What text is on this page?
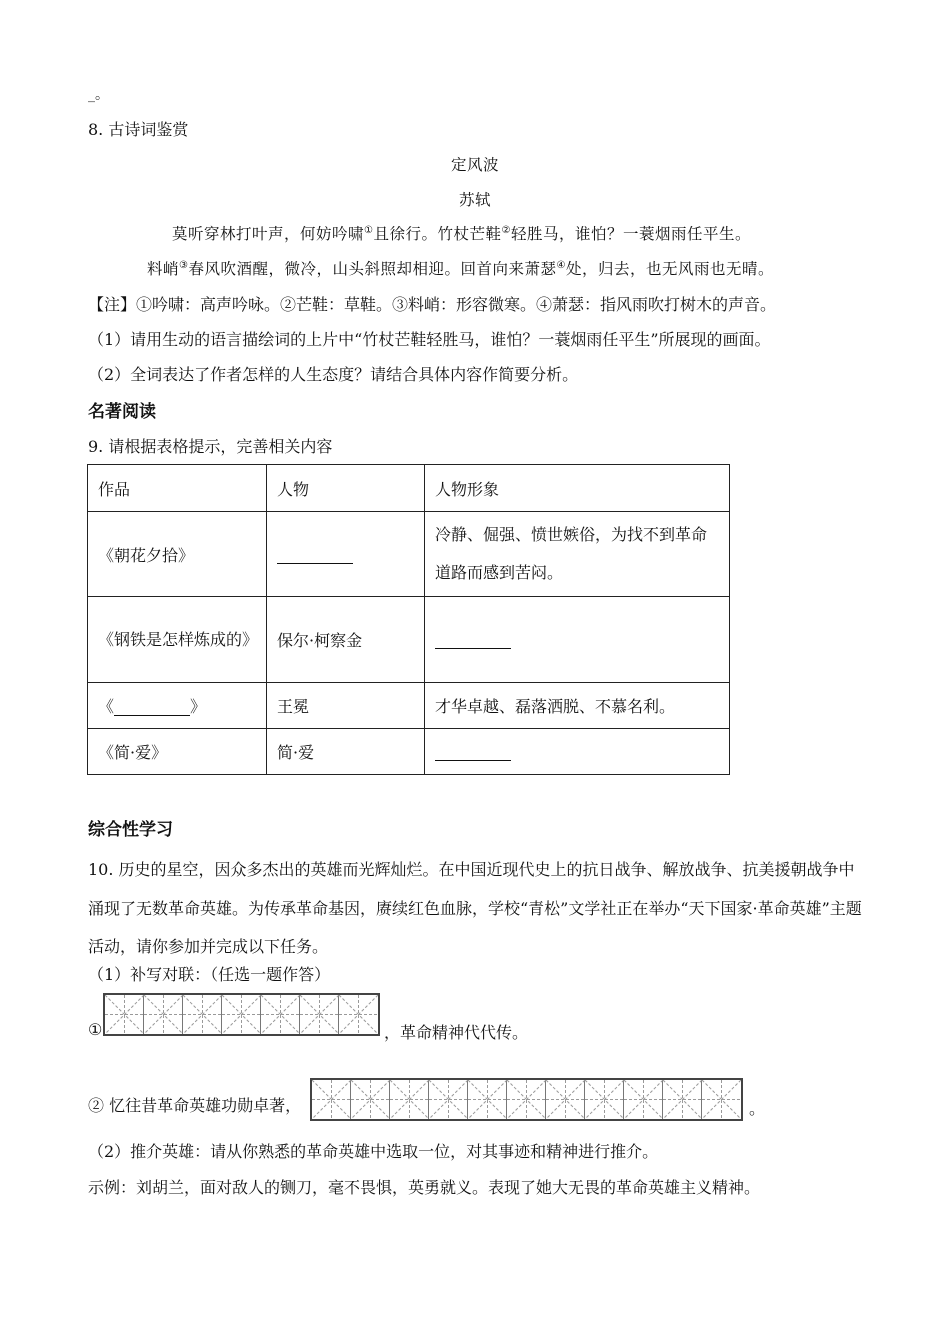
_。
8. 古诗词鉴赏
定风波
苏轼
莫听穿林打叶声，何妨吟啸①且徐行。竹杖芒鞋②轻胜马，谁怕？一蓑烟雨任平生。
料峭③春风吹酒醒，微冷，山头斜照却相迎。回首向来萧瑟④处，归去，也无风雨也无晴。
【注】①吟啸：高声吟咏。②芒鞋：草鞋。③料峭：形容微寒。④萧瑟：指风雨吹打树木的声音。
（1）请用生动的语言描绘词的上片中“竹杖芒鞋轻胜马，谁怕？一蓑烟雨任平生”所展现的画面。
（2）全词表达了作者怎样的人生态度？请结合具体内容作简要分析。
名著阅读
9. 请根据表格提示，完善相关内容
作品	人物	人物形象
《朝花夕拾》		冷静、倔强、愤世嫉俗，为找不到革命道路而感到苦闷。
《钢铁是怎样炼成的》	保尔·柯察金	
《 》	王冕	才华卓越、磊落洒脱、不慕名利。
《简·爱》	简·爱	
综合性学习
10. 历史的星空，因众多杰出的英雄而光辉灿烂。在中国近现代史上的抗日战争、解放战争、抗美援朝战争中涌现了无数革命英雄。为传承革命基因，赓续红色血脉，学校“青松”文学社正在举办“天下国家·革命英雄”主题活动，请你参加并完成以下任务。
（1）补写对联：（任选一题作答）
①	，革命精神代代传。
② 忆往昔革命英雄功勋卓著，	。
（2）推介英雄：请从你熟悉的革命英雄中选取一位，对其事迹和精神进行推介。
示例：刘胡兰，面对敌人的铡刀，毫不畏惧，英勇就义。表现了她大无畏的革命英雄主义精神。
